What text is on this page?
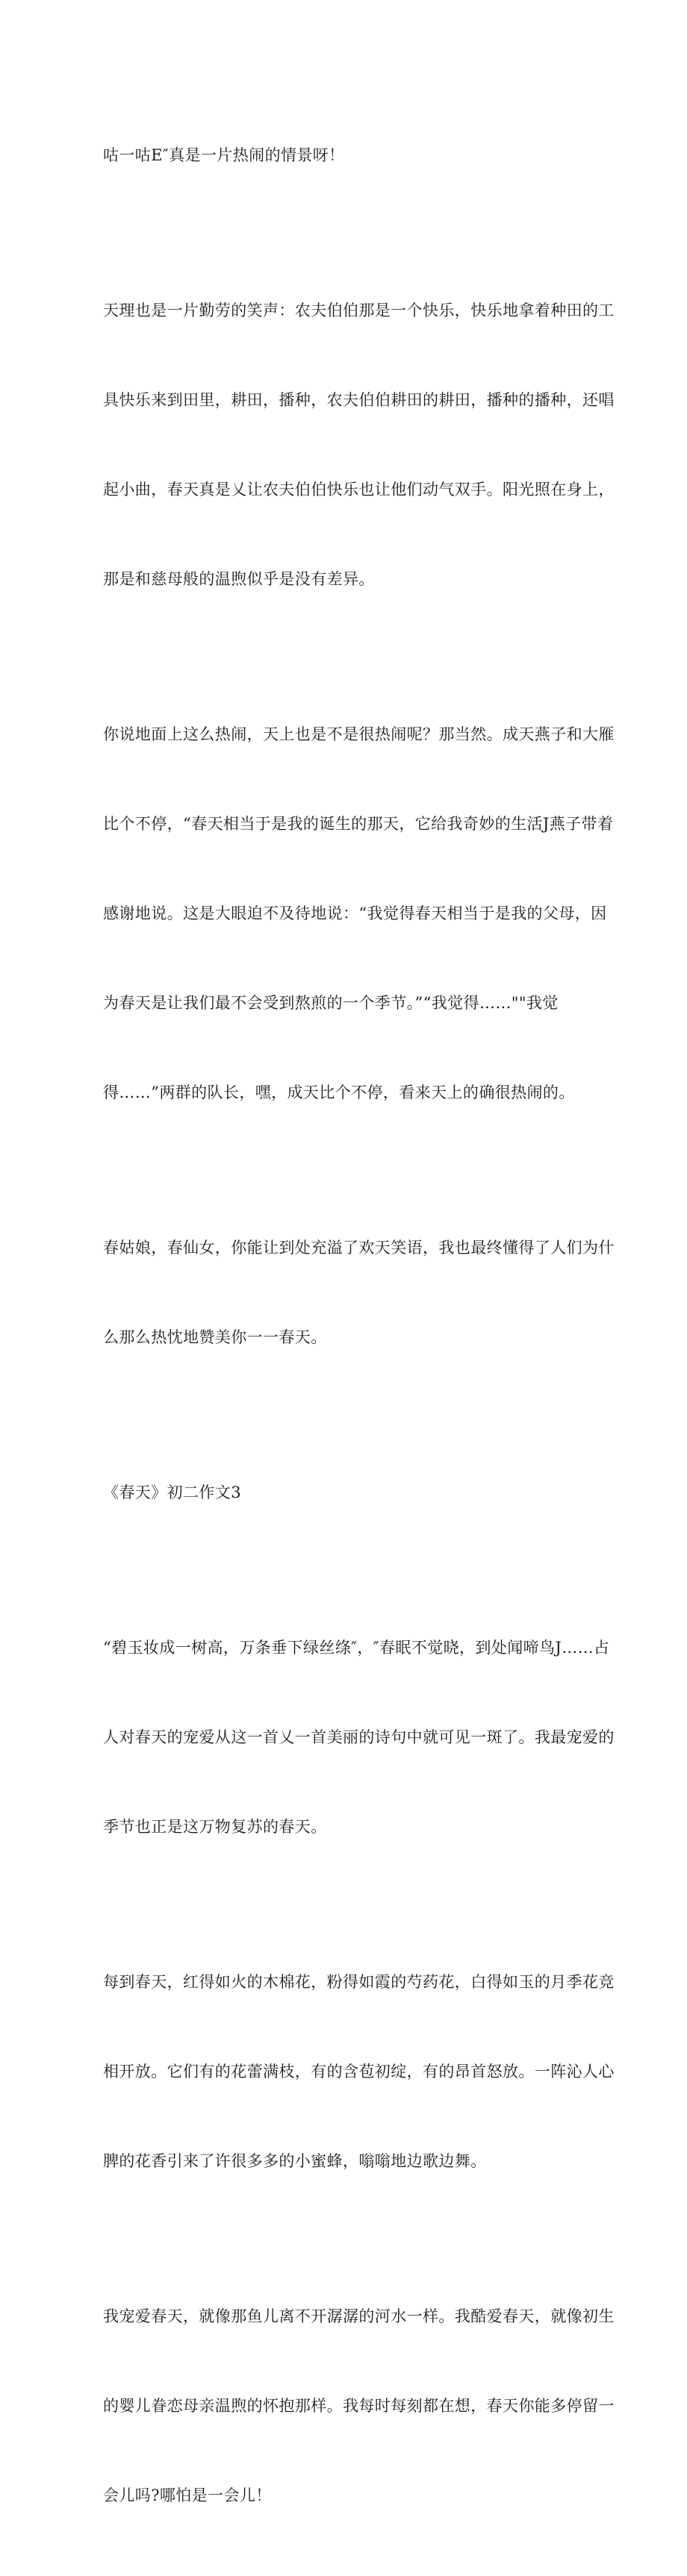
咕一咕E″真是一片热闹的情景呀！

天理也是一片勤劳的笑声：农夫伯伯那是一个快乐，快乐地拿着种田的工

具快乐来到田里，耕田，播种，农夫伯伯耕田的耕田，播种的播种，还唱

起小曲，春天真是乂让农夫伯伯快乐也让他们动气双手。阳光照在身上，

那是和慈母般的温煦似乎是没有差异。

你说地面上这么热闹，天上也是不是很热闹呢？那当然。成天燕子和大雁

比个不停，“春天相当于是我的诞生的那天，它给我奇妙的生活J燕子带着

感谢地说。这是大眼迫不及待地说：“我觉得春天相当于是我的父母，因

为春天是让我们最不会受到熬煎的一个季节。”“我觉得……""我觉

得……”两群的队长，嘿，成天比个不停，看来天上的确很热闹的。

春姑娘，春仙女，你能让到处充溢了欢天笑语，我也最终懂得了人们为什

么那么热忱地赞美你一一春天。

《春天》初二作文3

“碧玉妆成一树高，万条垂下绿丝绦″，″春眠不觉晓，到处闻啼鸟J……占

人对春天的宠爱从这一首乂一首美丽的诗句中就可见一斑了。我最宠爱的

季节也正是这万物复苏的春天。

每到春天，红得如火的木棉花，粉得如霞的芍药花，白得如玉的月季花竞

相开放。它们有的花蕾满枝，有的含苞初绽，有的昂首怒放。一阵沁人心

脾的花香引来了许很多多的小蜜蜂，嗡嗡地边歌边舞。

我宠爱春天，就像那鱼儿离不开潺潺的河水一样。我酷爱春天，就像初生

的婴儿眷恋母亲温煦的怀抱那样。我每时每刻都在想，春天你能多停留一

会儿吗?哪怕是一会儿！
